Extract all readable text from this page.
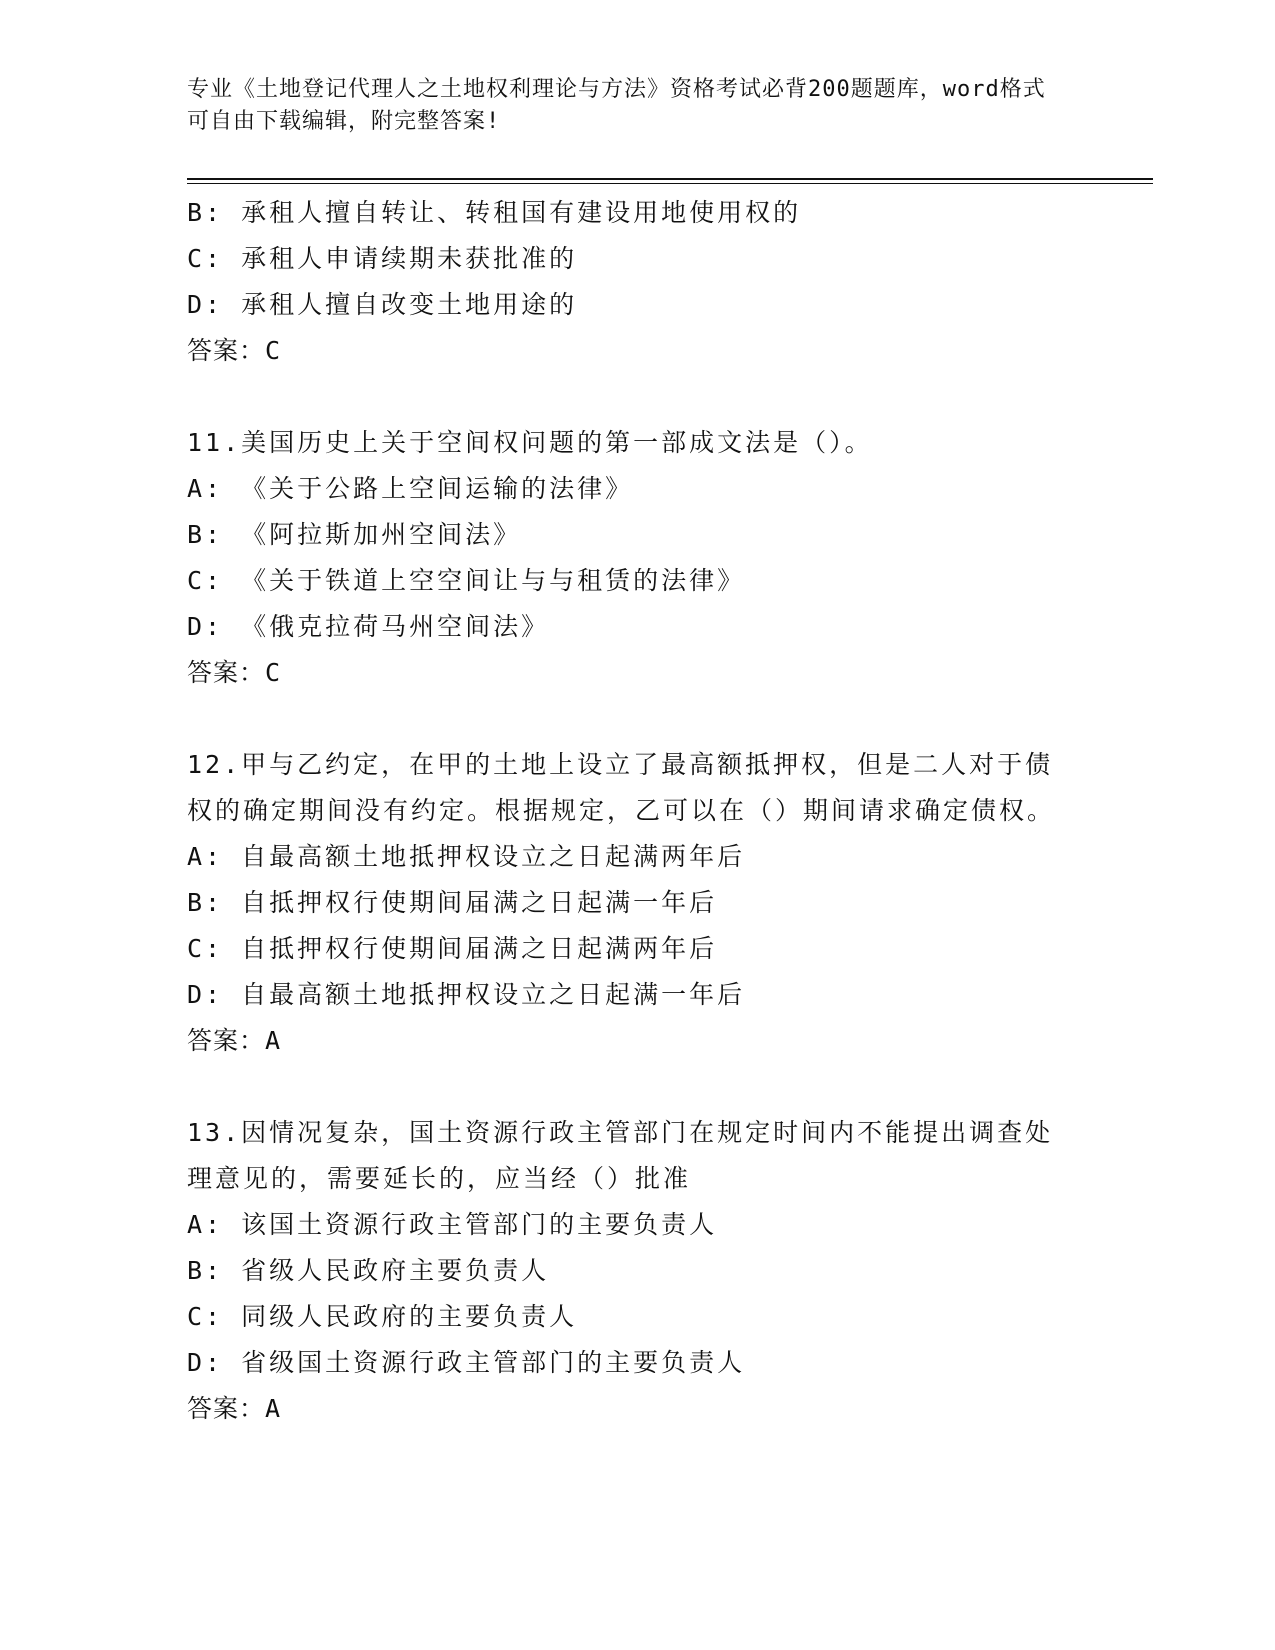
专业《土地登记代理人之土地权利理论与方法》资格考试必背200题题库，word格式可自由下载编辑，附完整答案!
B: 承租人擅自转让、转租国有建设用地使用权的
C: 承租人申请续期未获批准的
D: 承租人擅自改变土地用途的
答案：C
11.美国历史上关于空间权问题的第一部成文法是（）。
A: 《关于公路上空间运输的法律》
B: 《阿拉斯加州空间法》
C: 《关于铁道上空空间让与与租赁的法律》
D: 《俄克拉荷马州空间法》
答案：C
12.甲与乙约定，在甲的土地上设立了最高额抵押权，但是二人对于债权的确定期间没有约定。根据规定，乙可以在（）期间请求确定债权。
A: 自最高额土地抵押权设立之日起满两年后
B: 自抵押权行使期间届满之日起满一年后
C: 自抵押权行使期间届满之日起满两年后
D: 自最高额土地抵押权设立之日起满一年后
答案：A
13.因情况复杂，国土资源行政主管部门在规定时间内不能提出调查处理意见的，需要延长的，应当经（）批准
A: 该国土资源行政主管部门的主要负责人
B: 省级人民政府主要负责人
C: 同级人民政府的主要负责人
D: 省级国土资源行政主管部门的主要负责人
答案：A
